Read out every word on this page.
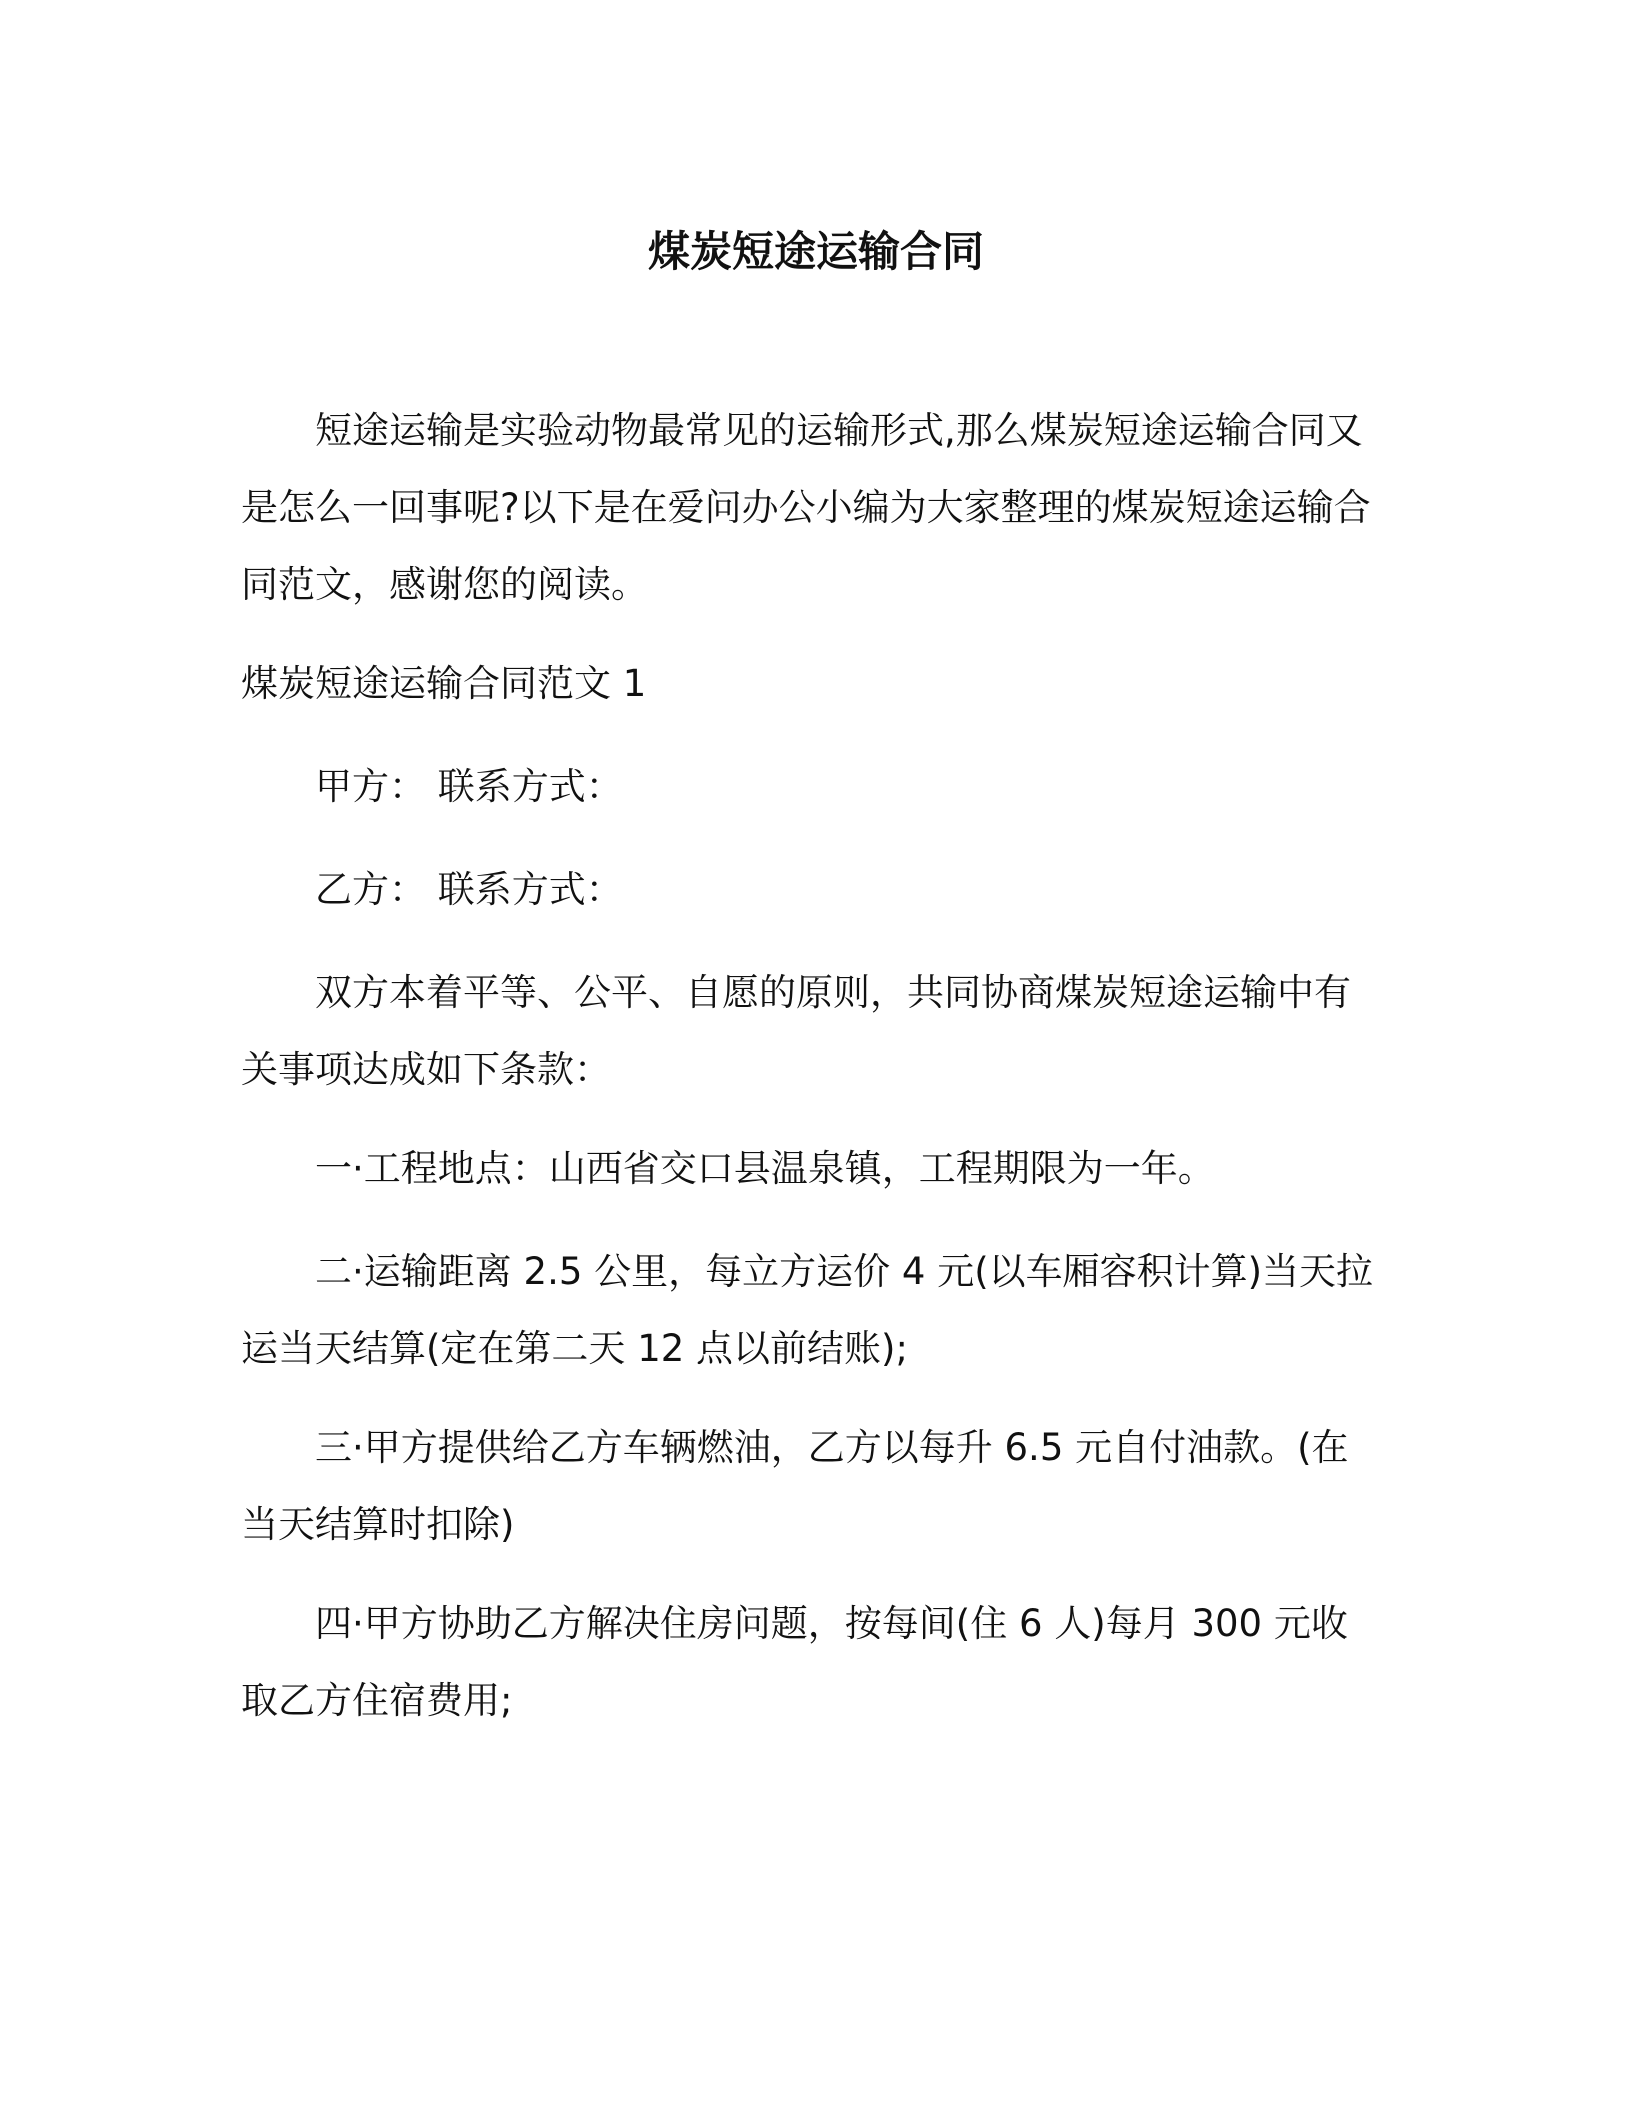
煤炭短途运输合同

短途运输是实验动物最常见的运输形式,那么煤炭短途运输合同又是怎么一回事呢?以下是在爱问办公小编为大家整理的煤炭短途运输合同范文，感谢您的阅读。

煤炭短途运输合同范文 1

甲方： 联系方式：

乙方： 联系方式：

双方本着平等、公平、自愿的原则，共同协商煤炭短途运输中有关事项达成如下条款：

一·工程地点：山西省交口县温泉镇，工程期限为一年。

二·运输距离 2.5 公里，每立方运价 4 元(以车厢容积计算)当天拉运当天结算(定在第二天 12 点以前结账);

三·甲方提供给乙方车辆燃油，乙方以每升 6.5 元自付油款。(在当天结算时扣除)

四·甲方协助乙方解决住房问题，按每间(住 6 人)每月 300 元收取乙方住宿费用;
